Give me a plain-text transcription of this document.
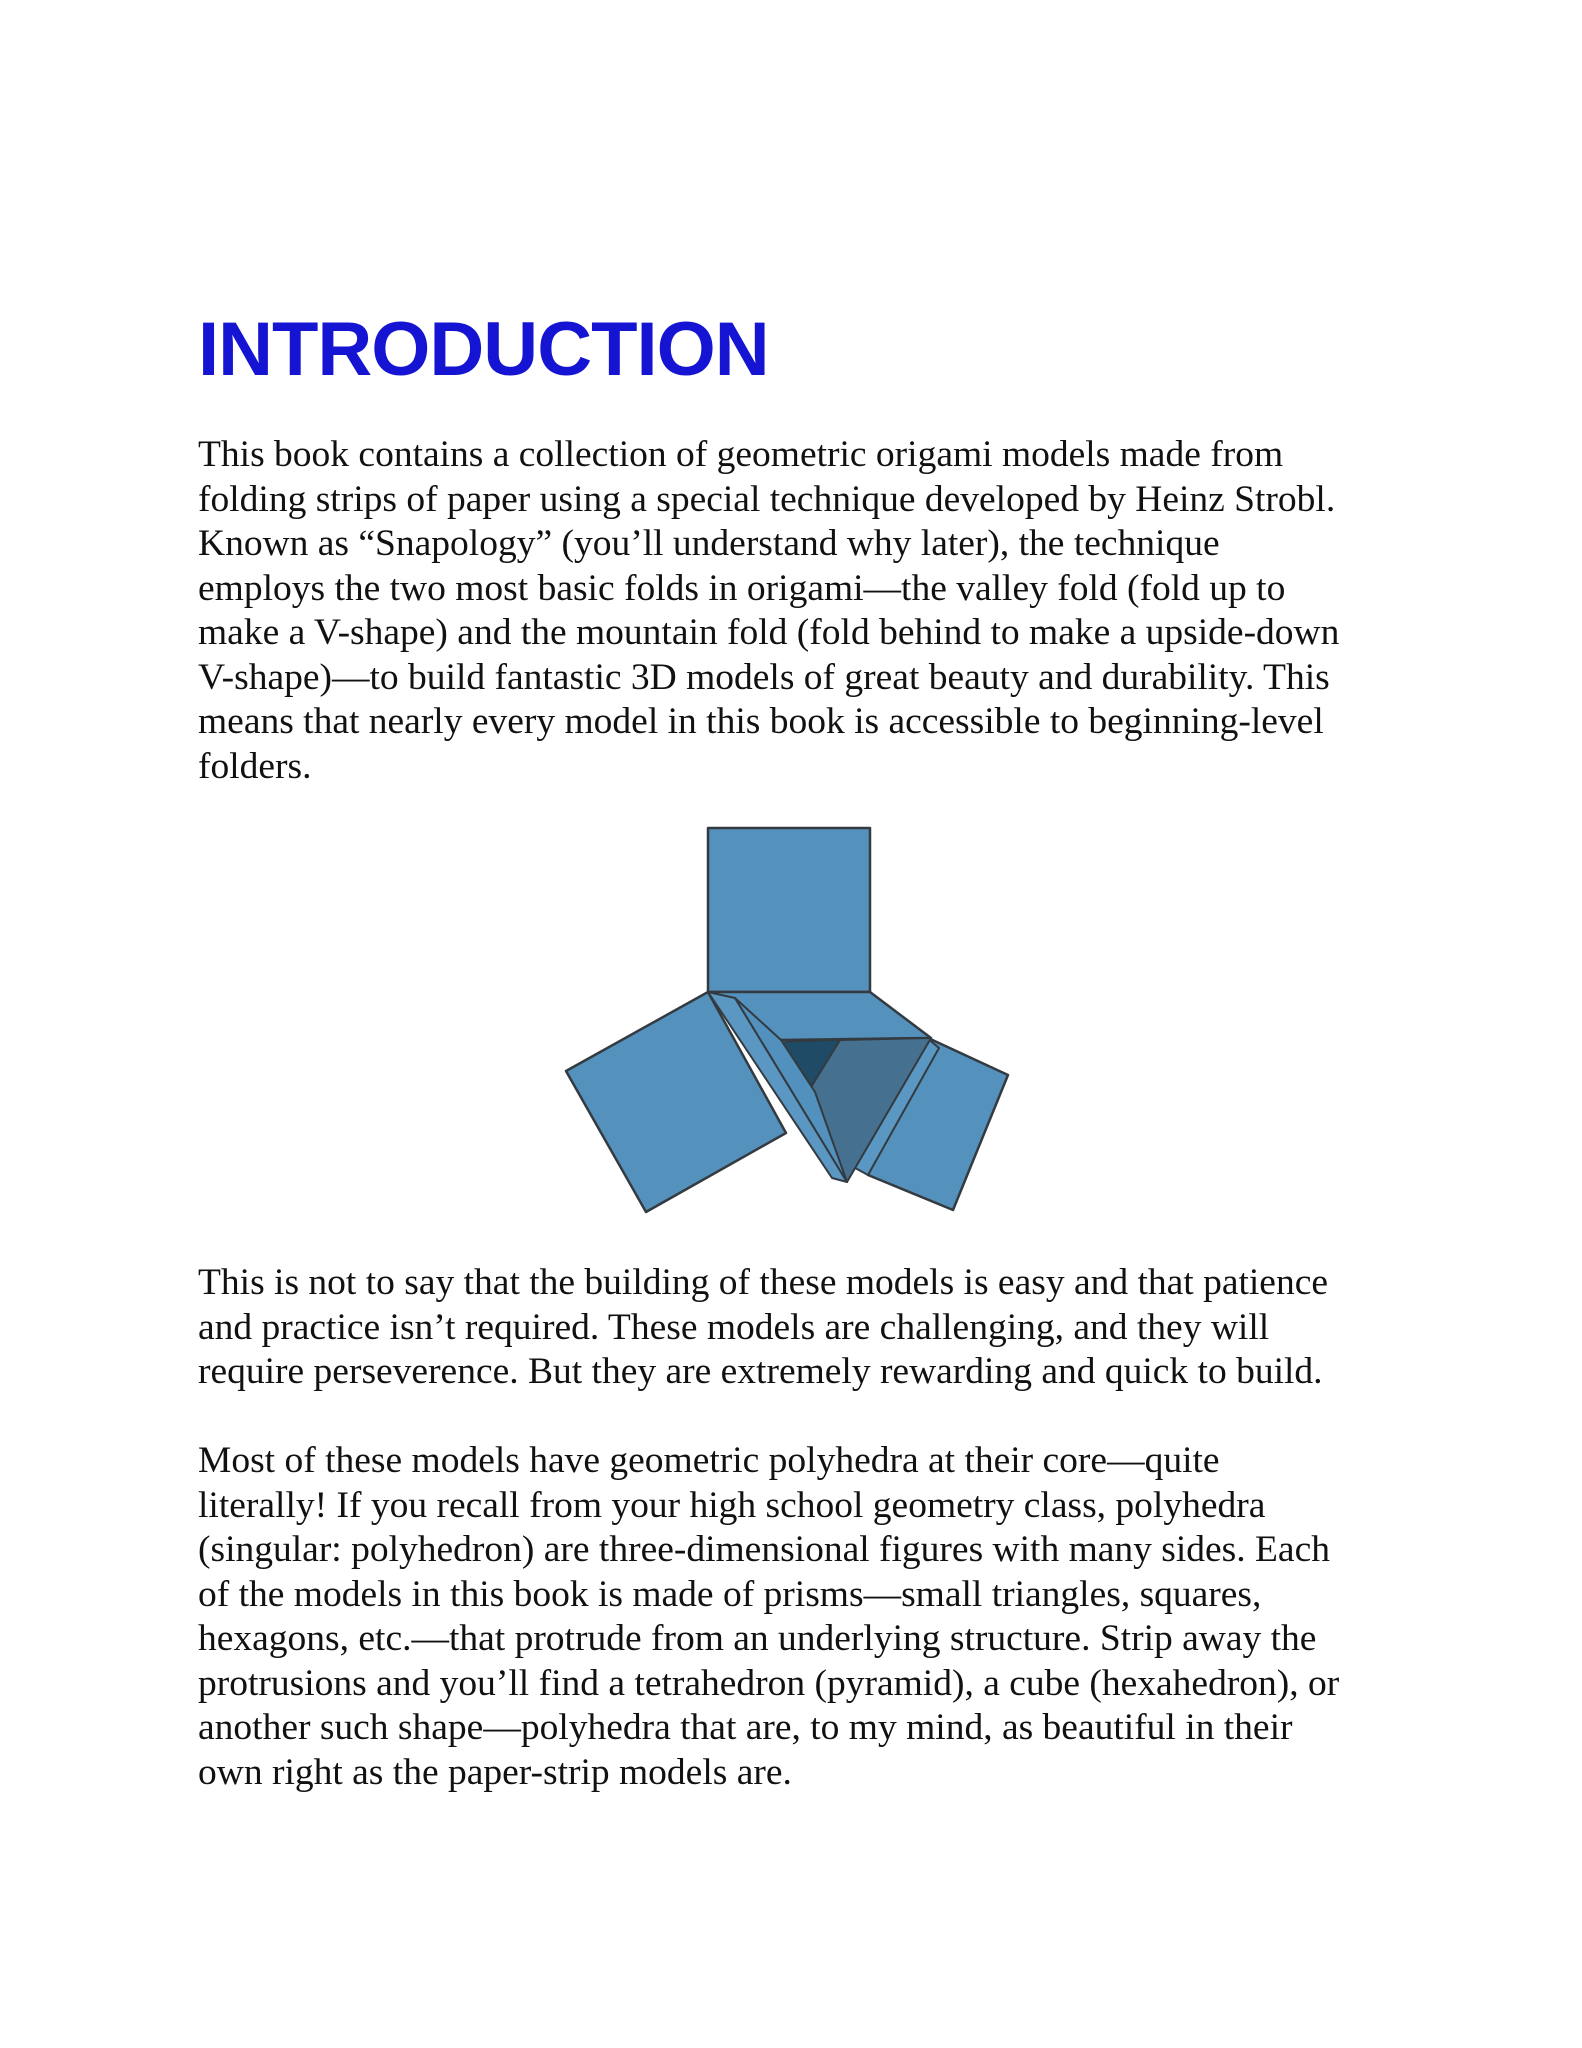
INTRODUCTION
This book contains a collection of geometric origami models made from
folding strips of paper using a special technique developed by Heinz Strobl.
Known as “Snapology” (you’ll understand why later), the technique
employs the two most basic folds in origami—the valley fold (fold up to
make a V-shape) and the mountain fold (fold behind to make a upside-down
V-shape)—to build fantastic 3D models of great beauty and durability. This
means that nearly every model in this book is accessible to beginning-level
folders.
This is not to say that the building of these models is easy and that patience
and practice isn’t required. These models are challenging, and they will
require perseverence. But they are extremely rewarding and quick to build.
Most of these models have geometric polyhedra at their core—quite
literally! If you recall from your high school geometry class, polyhedra
(singular: polyhedron) are three-dimensional figures with many sides. Each
of the models in this book is made of prisms—small triangles, squares,
hexagons, etc.—that protrude from an underlying structure. Strip away the
protrusions and you’ll find a tetrahedron (pyramid), a cube (hexahedron), or
another such shape—polyhedra that are, to my mind, as beautiful in their
own right as the paper-strip models are.
